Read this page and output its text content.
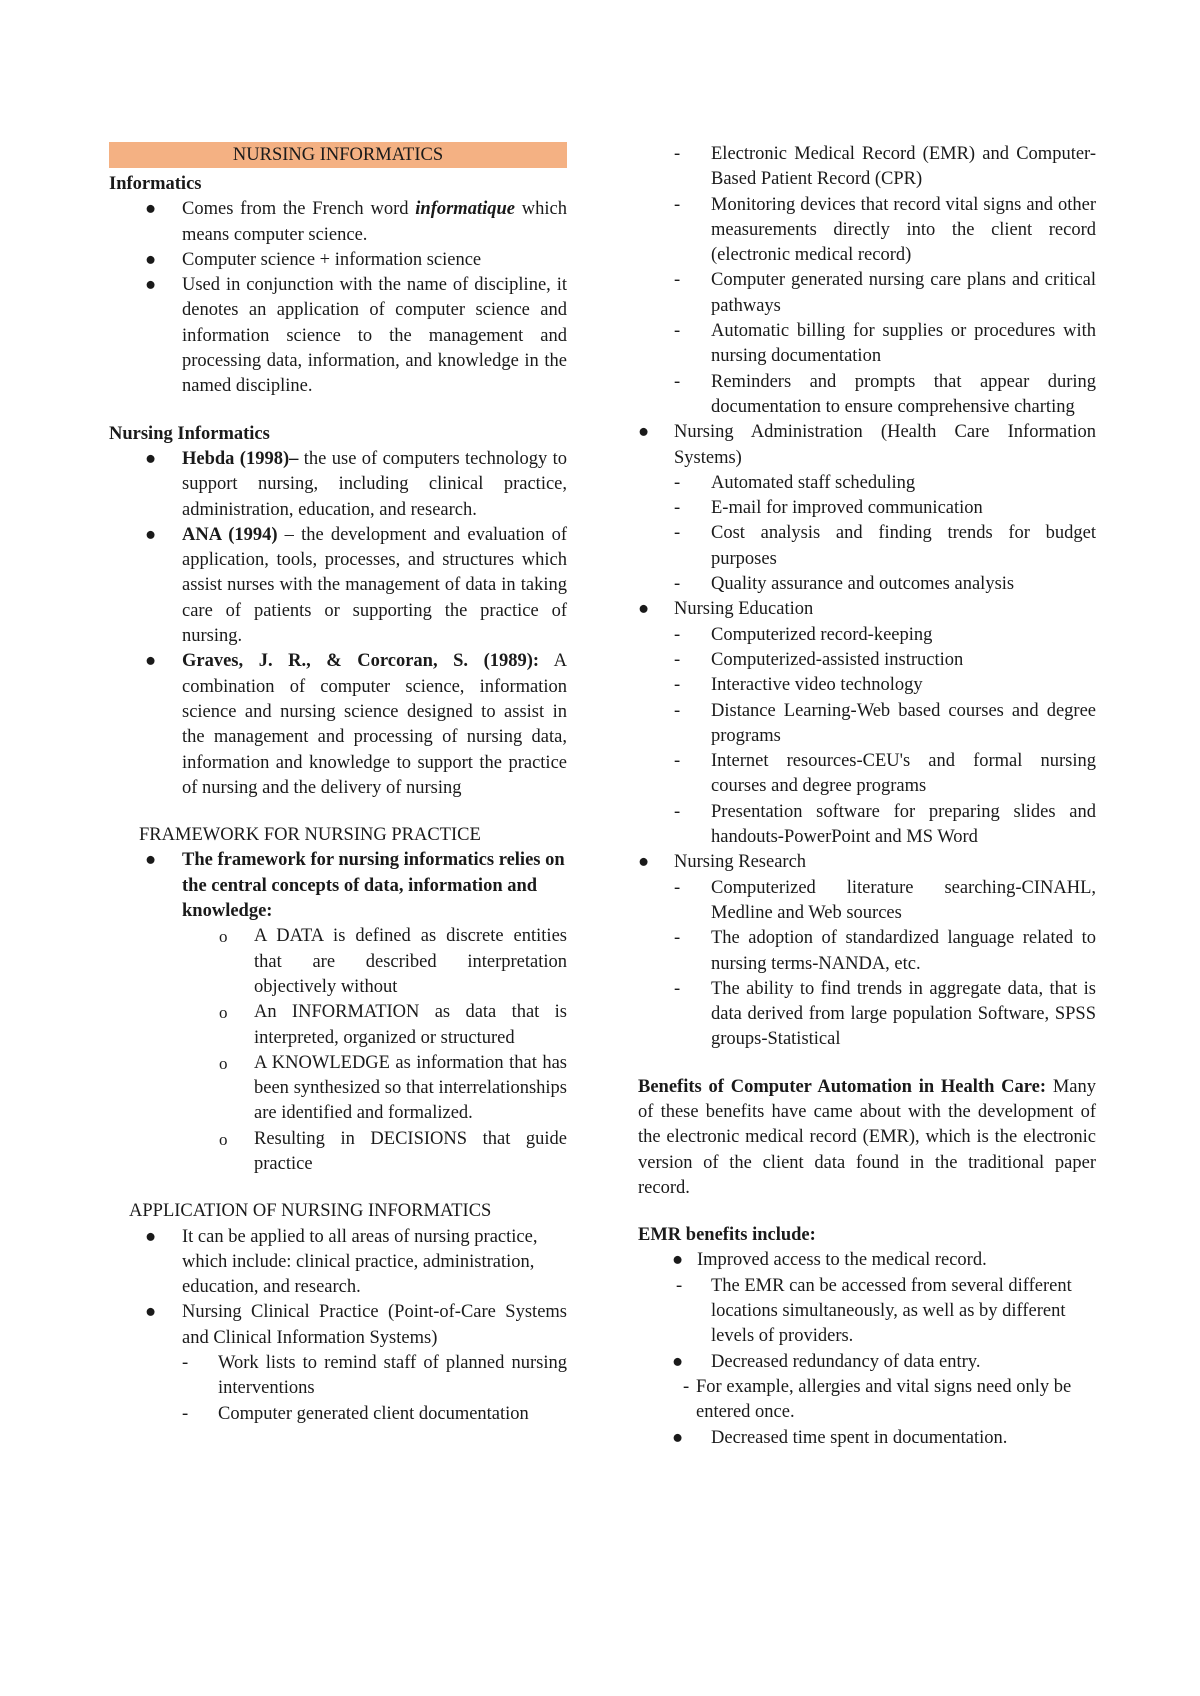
NURSING INFORMATICS

Informatics

● Comes from the French word informatique which means computer science.
● Computer science + information science
● Used in conjunction with the name of discipline, it denotes an application of computer science and information science to the management and processing data, information, and knowledge in the named discipline.

Nursing Informatics

● Hebda (1998)– the use of computers technology to support nursing, including clinical practice, administration, education, and research.
● ANA (1994) – the development and evaluation of application, tools, processes, and structures which assist nurses with the management of data in taking care of patients or supporting the practice of nursing.
● Graves, J. R., & Corcoran, S. (1989): A combination of computer science, information science and nursing science designed to assist in the management and processing of nursing data, information and knowledge to support the practice of nursing and the delivery of nursing

FRAMEWORK FOR NURSING PRACTICE

● The framework for nursing informatics relies on the central concepts of data, information and knowledge:
o A DATA is defined as discrete entities that are described interpretation objectively without
o An INFORMATION as data that is interpreted, organized or structured
o A KNOWLEDGE as information that has been synthesized so that interrelationships are identified and formalized.
o Resulting in DECISIONS that guide practice

APPLICATION OF NURSING INFORMATICS

● It can be applied to all areas of nursing practice, which include: clinical practice, administration, education, and research.
● Nursing Clinical Practice (Point-of-Care Systems and Clinical Information Systems)
- Work lists to remind staff of planned nursing interventions
- Computer generated client documentation
- Electronic Medical Record (EMR) and Computer-Based Patient Record (CPR)
- Monitoring devices that record vital signs and other measurements directly into the client record (electronic medical record)
- Computer generated nursing care plans and critical pathways
- Automatic billing for supplies or procedures with nursing documentation
- Reminders and prompts that appear during documentation to ensure comprehensive charting
● Nursing Administration (Health Care Information Systems)
- Automated staff scheduling
- E-mail for improved communication
- Cost analysis and finding trends for budget purposes
- Quality assurance and outcomes analysis
● Nursing Education
- Computerized record-keeping
- Computerized-assisted instruction
- Interactive video technology
- Distance Learning-Web based courses and degree programs
- Internet resources-CEU's and formal nursing courses and degree programs
- Presentation software for preparing slides and handouts-PowerPoint and MS Word
● Nursing Research
- Computerized literature searching-CINAHL, Medline and Web sources
- The adoption of standardized language related to nursing terms-NANDA, etc.
- The ability to find trends in aggregate data, that is data derived from large population Software, SPSS groups-Statistical

Benefits of Computer Automation in Health Care: Many of these benefits have came about with the development of the electronic medical record (EMR), which is the electronic version of the client data found in the traditional paper record.

EMR benefits include:

● Improved access to the medical record.
- The EMR can be accessed from several different locations simultaneously, as well as by different levels of providers.
● Decreased redundancy of data entry.
- For example, allergies and vital signs need only be entered once.
● Decreased time spent in documentation.
